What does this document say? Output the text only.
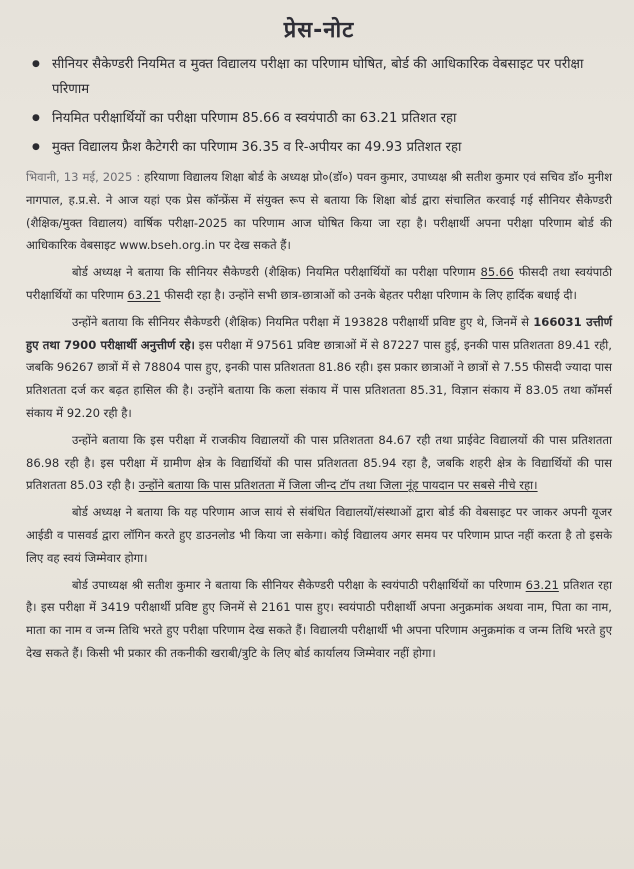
प्रेस-नोट
● सीनियर सैकेण्डरी नियमित व मुक्त विद्यालय परीक्षा का परिणाम घोषित, बोर्ड की आधिकारिक वेबसाइट पर परीक्षा परिणाम
● नियमित परीक्षार्थियों का परीक्षा परिणाम 85.66 व स्वयंपाठी का 63.21 प्रतिशत रहा
● मुक्त विद्यालय फ्रैश कैटेगरी का परिणाम 36.35 व रि-अपीयर का 49.93 प्रतिशत रहा

भिवानी, 13 मई, 2025 : हरियाणा विद्यालय शिक्षा बोर्ड के अध्यक्ष प्रो०(डॉ०) पवन कुमार, उपाध्यक्ष श्री सतीश कुमार एवं सचिव डॉ० मुनीश नागपाल, ह.प्र.से. ने आज यहां एक प्रेस कॉन्फ्रेंस में संयुक्त रूप से बताया कि शिक्षा बोर्ड द्वारा संचालित करवाई गई सीनियर सैकेण्डरी (शैक्षिक/मुक्त विद्यालय) वार्षिक परीक्षा-2025 का परिणाम आज घोषित किया जा रहा है। परीक्षार्थी अपना परीक्षा परिणाम बोर्ड की आधिकारिक वेबसाइट www.bseh.org.in पर देख सकते हैं।

बोर्ड अध्यक्ष ने बताया कि सीनियर सैकेण्डरी (शैक्षिक) नियमित परीक्षार्थियों का परीक्षा परिणाम 85.66 फीसदी तथा स्वयंपाठी परीक्षार्थियों का परिणाम 63.21 फीसदी रहा है। उन्होंने सभी छात्र-छात्राओं को उनके बेहतर परीक्षा परिणाम के लिए हार्दिक बधाई दी।

उन्होंने बताया कि सीनियर सैकेण्डरी (शैक्षिक) नियमित परीक्षा में 193828 परीक्षार्थी प्रविष्ट हुए थे, जिनमें से 166031 उत्तीर्ण हुए तथा 7900 परीक्षार्थी अनुत्तीर्ण रहे। इस परीक्षा में 97561 प्रविष्ट छात्राओं में से 87227 पास हुई, इनकी पास प्रतिशतता 89.41 रही, जबकि 96267 छात्रों में से 78804 पास हुए, इनकी पास प्रतिशतता 81.86 रही। इस प्रकार छात्राओं ने छात्रों से 7.55 फीसदी ज्यादा पास प्रतिशतता दर्ज कर बढ़त हासिल की है। उन्होंने बताया कि कला संकाय में पास प्रतिशतता 85.31, विज्ञान संकाय में 83.05 तथा कॉमर्स संकाय में 92.20 रही है।

उन्होंने बताया कि इस परीक्षा में राजकीय विद्यालयों की पास प्रतिशतता 84.67 रही तथा प्राईवेट विद्यालयों की पास प्रतिशतता 86.98 रही है। इस परीक्षा में ग्रामीण क्षेत्र के विद्यार्थियों की पास प्रतिशतता 85.94 रहा है, जबकि शहरी क्षेत्र के विद्यार्थियों की पास प्रतिशतता 85.03 रही है। उन्होंने बताया कि पास प्रतिशतता में जिला जीन्द टॉप तथा जिला नूंह पायदान पर सबसे नीचे रहा।

बोर्ड अध्यक्ष ने बताया कि यह परिणाम आज सायं से संबंधित विद्यालयों/संस्थाओं द्वारा बोर्ड की वेबसाइट पर जाकर अपनी यूजर आईडी व पासवर्ड द्वारा लॉगिन करते हुए डाउनलोड भी किया जा सकेगा। कोई विद्यालय अगर समय पर परिणाम प्राप्त नहीं करता है तो इसके लिए वह स्वयं जिम्मेवार होगा।

बोर्ड उपाध्यक्ष श्री सतीश कुमार ने बताया कि सीनियर सैकेण्डरी परीक्षा के स्वयंपाठी परीक्षार्थियों का परिणाम 63.21 प्रतिशत रहा है। इस परीक्षा में 3419 परीक्षार्थी प्रविष्ट हुए जिनमें से 2161 पास हुए। स्वयंपाठी परीक्षार्थी अपना अनुक्रमांक अथवा नाम, पिता का नाम, माता का नाम व जन्म तिथि भरते हुए परीक्षा परिणाम देख सकते हैं। विद्यालयी परीक्षार्थी भी अपना परिणाम अनुक्रमांक व जन्म तिथि भरते हुए देख सकते हैं। किसी भी प्रकार की तकनीकी खराबी/त्रुटि के लिए बोर्ड कार्यालय जिम्मेवार नहीं होगा।
